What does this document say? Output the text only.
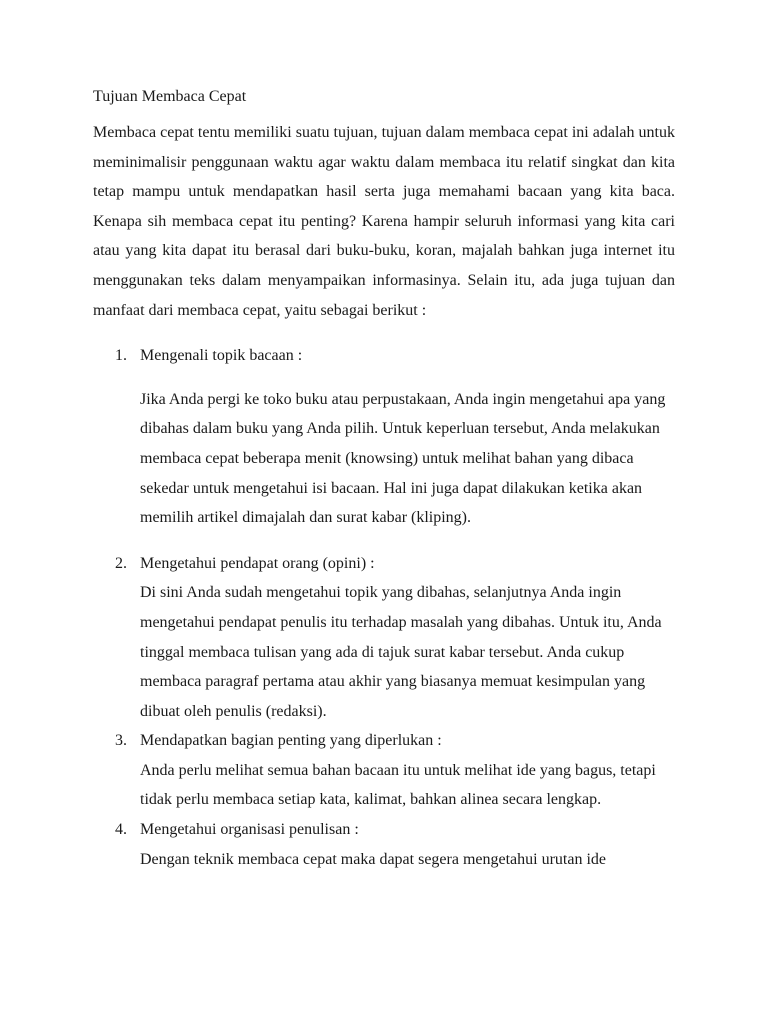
Tujuan Membaca Cepat

Membaca cepat tentu memiliki suatu tujuan, tujuan dalam membaca cepat ini adalah untuk meminimalisir penggunaan waktu agar waktu dalam membaca itu relatif singkat dan kita tetap mampu untuk mendapatkan hasil serta juga memahami bacaan yang kita baca. Kenapa sih membaca cepat itu penting? Karena hampir seluruh informasi yang kita cari atau yang kita dapat itu berasal dari buku-buku, koran, majalah bahkan juga internet itu menggunakan teks dalam menyampaikan informasinya. Selain itu, ada juga tujuan dan manfaat dari membaca cepat, yaitu sebagai berikut :

1. Mengenali topik bacaan :

Jika Anda pergi ke toko buku atau perpustakaan, Anda ingin mengetahui apa yang dibahas dalam buku yang Anda pilih. Untuk keperluan tersebut, Anda melakukan membaca cepat beberapa menit (knowsing) untuk melihat bahan yang dibaca sekedar untuk mengetahui isi bacaan. Hal ini juga dapat dilakukan ketika akan memilih artikel dimajalah dan surat kabar (kliping).

2. Mengetahui pendapat orang (opini) :

Di sini Anda sudah mengetahui topik yang dibahas, selanjutnya Anda ingin mengetahui pendapat penulis itu terhadap masalah yang dibahas. Untuk itu, Anda tinggal membaca tulisan yang ada di tajuk surat kabar tersebut. Anda cukup membaca paragraf pertama atau akhir yang biasanya memuat kesimpulan yang dibuat oleh penulis (redaksi).

3. Mendapatkan bagian penting yang diperlukan :

Anda perlu melihat semua bahan bacaan itu untuk melihat ide yang bagus, tetapi tidak perlu membaca setiap kata, kalimat, bahkan alinea secara lengkap.

4. Mengetahui organisasi penulisan :

Dengan teknik membaca cepat maka dapat segera mengetahui urutan ide
